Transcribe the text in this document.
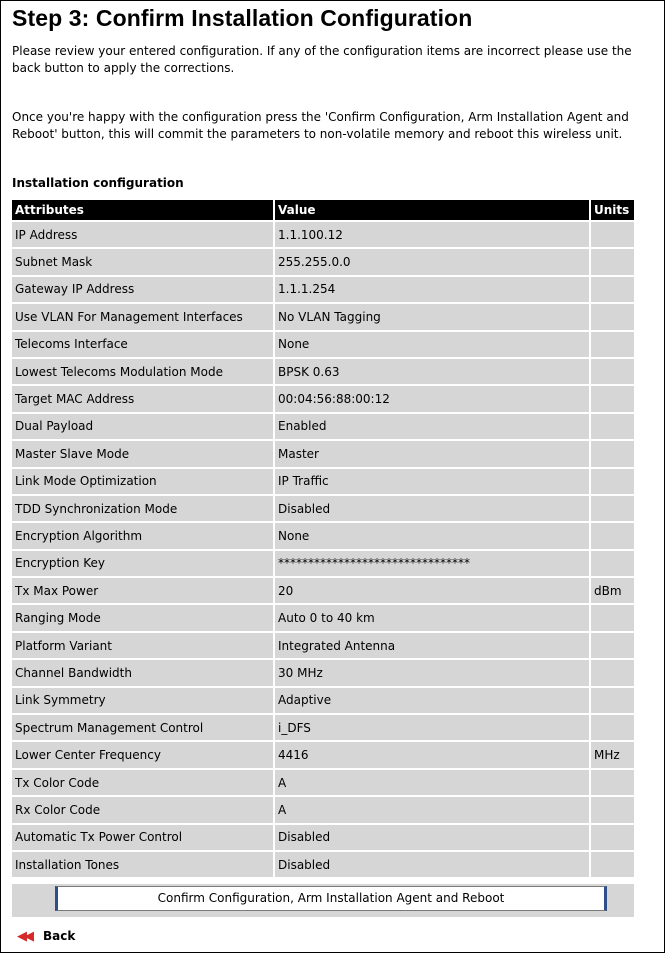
Step 3: Confirm Installation Configuration

Please review your entered configuration. If any of the configuration items are incorrect please use the back button to apply the corrections.

Once you're happy with the configuration press the 'Confirm Configuration, Arm Installation Agent and Reboot' button, this will commit the parameters to non-volatile memory and reboot this wireless unit.

Installation configuration
Attributes	Value	Units
IP Address	1.1.100.12	
Subnet Mask	255.255.0.0	
Gateway IP Address	1.1.1.254	
Use VLAN For Management Interfaces	No VLAN Tagging	
Telecoms Interface	None	
Lowest Telecoms Modulation Mode	BPSK 0.63	
Target MAC Address	00:04:56:88:00:12	
Dual Payload	Enabled	
Master Slave Mode	Master	
Link Mode Optimization	IP Traffic	
TDD Synchronization Mode	Disabled	
Encryption Algorithm	None	
Encryption Key	********************************	
Tx Max Power	20	dBm
Ranging Mode	Auto 0 to 40 km	
Platform Variant	Integrated Antenna	
Channel Bandwidth	30 MHz	
Link Symmetry	Adaptive	
Spectrum Management Control	i_DFS	
Lower Center Frequency	4416	MHz
Tx Color Code	A	
Rx Color Code	A	
Automatic Tx Power Control	Disabled	
Installation Tones	Disabled	
Confirm Configuration, Arm Installation Agent and Reboot
◀◀ Back
